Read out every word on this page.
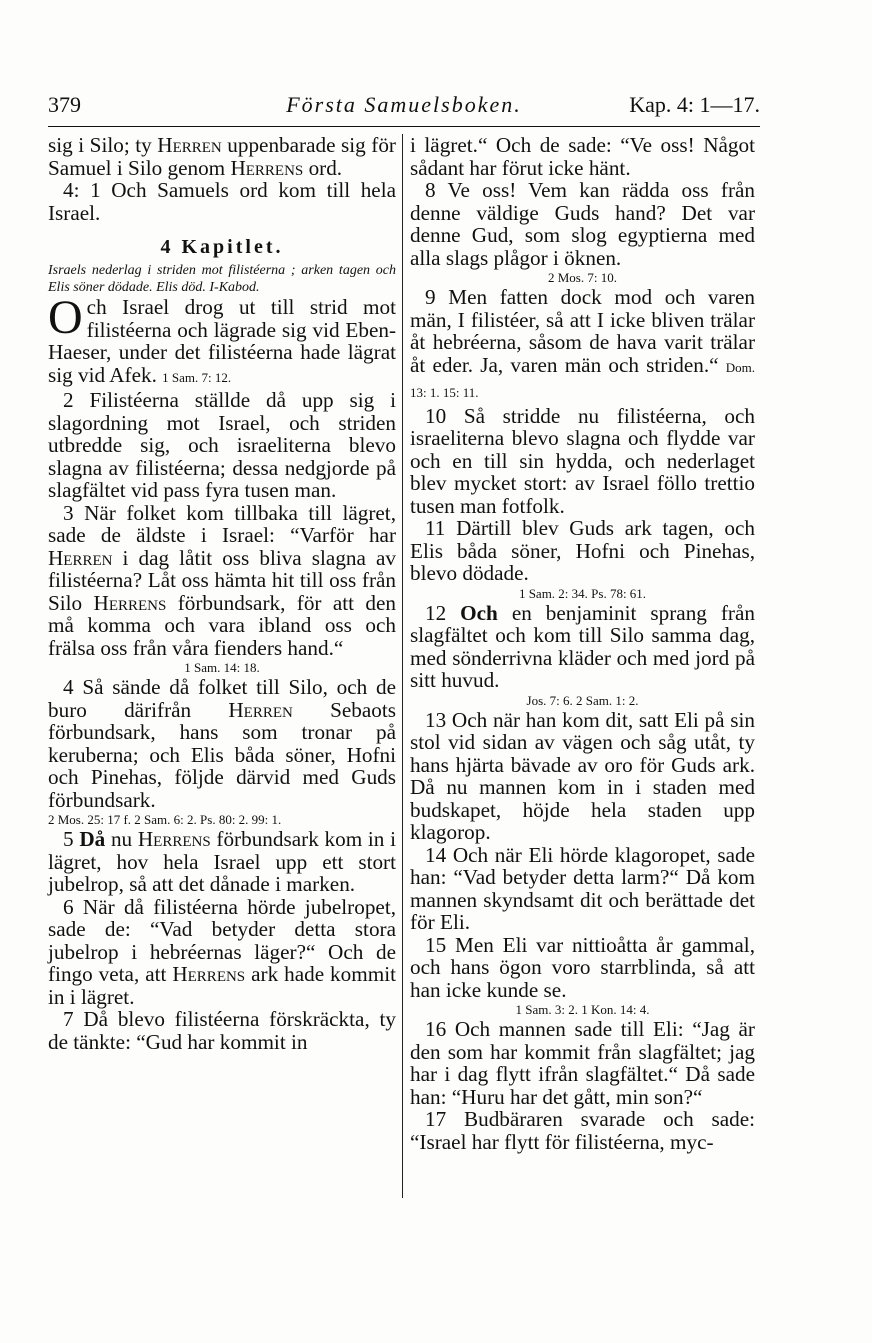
379	Första Samuelsboken.	Kap. 4: 1—17.

sig i Silo; ty Herren uppenbarade sig för Samuel i Silo genom Herrens ord.

4: 1 Och Samuels ord kom till hela Israel.

4 Kapitlet.

Israels nederlag i striden mot filistéerna ; arken tagen och Elis söner dödade. Elis död. I-Kabod.

Och Israel drog ut till strid mot filistéerna och lägrade sig vid Eben-Haeser, under det filistéerna hade lägrat sig vid Afek. 1 Sam. 7: 12.

2 Filistéerna ställde då upp sig i slagordning mot Israel, och striden utbredde sig, och israeliterna blevo slagna av filistéerna; dessa nedgjorde på slagfältet vid pass fyra tusen man.

3 När folket kom tillbaka till lägret, sade de äldste i Israel: “Varför har Herren i dag låtit oss bliva slagna av filistéerna? Låt oss hämta hit till oss från Silo Herrens förbundsark, för att den må komma och vara ibland oss och frälsa oss från våra fienders hand.“

1 Sam. 14: 18.

4 Så sände då folket till Silo, och de buro därifrån Herren Sebaots förbundsark, hans som tronar på keruberna; och Elis båda söner, Hofni och Pinehas, följde därvid med Guds förbundsark.

2 Mos. 25: 17 f. 2 Sam. 6: 2. Ps. 80: 2. 99: 1.

5 Då nu Herrens förbundsark kom in i lägret, hov hela Israel upp ett stort jubelrop, så att det dånade i marken.

6 När då filistéerna hörde jubelropet, sade de: “Vad betyder detta stora jubelrop i hebréernas läger?“ Och de fingo veta, att Herrens ark hade kommit in i lägret.

7 Då blevo filistéerna förskräckta, ty de tänkte: “Gud har kommit in

i lägret.“ Och de sade: “Ve oss! Något sådant har förut icke hänt.

8 Ve oss! Vem kan rädda oss från denne väldige Guds hand? Det var denne Gud, som slog egyptierna med alla slags plågor i öknen.

2 Mos. 7: 10.

9 Men fatten dock mod och varen män, I filistéer, så att I icke bliven trälar åt hebréerna, såsom de hava varit trälar åt eder. Ja, varen män och striden.“ Dom. 13: 1. 15: 11.

10 Så stridde nu filistéerna, och israeliterna blevo slagna och flydde var och en till sin hydda, och nederlaget blev mycket stort: av Israel föllo trettio tusen man fotfolk.

11 Därtill blev Guds ark tagen, och Elis båda söner, Hofni och Pinehas, blevo dödade.

1 Sam. 2: 34. Ps. 78: 61.

12 Och en benjaminit sprang från slagfältet och kom till Silo samma dag, med sönderrivna kläder och med jord på sitt huvud.

Jos. 7: 6. 2 Sam. 1: 2.

13 Och när han kom dit, satt Eli på sin stol vid sidan av vägen och såg utåt, ty hans hjärta bävade av oro för Guds ark. Då nu mannen kom in i staden med budskapet, höjde hela staden upp klagorop.

14 Och när Eli hörde klagoropet, sade han: “Vad betyder detta larm?“ Då kom mannen skyndsamt dit och berättade det för Eli.

15 Men Eli var nittioåtta år gammal, och hans ögon voro starrblinda, så att han icke kunde se.

1 Sam. 3: 2. 1 Kon. 14: 4.

16 Och mannen sade till Eli: “Jag är den som har kommit från slagfältet; jag har i dag flytt ifrån slagfältet.“ Då sade han: “Huru har det gått, min son?“

17 Budbäraren svarade och sade: “Israel har flytt för filistéerna, myc-
